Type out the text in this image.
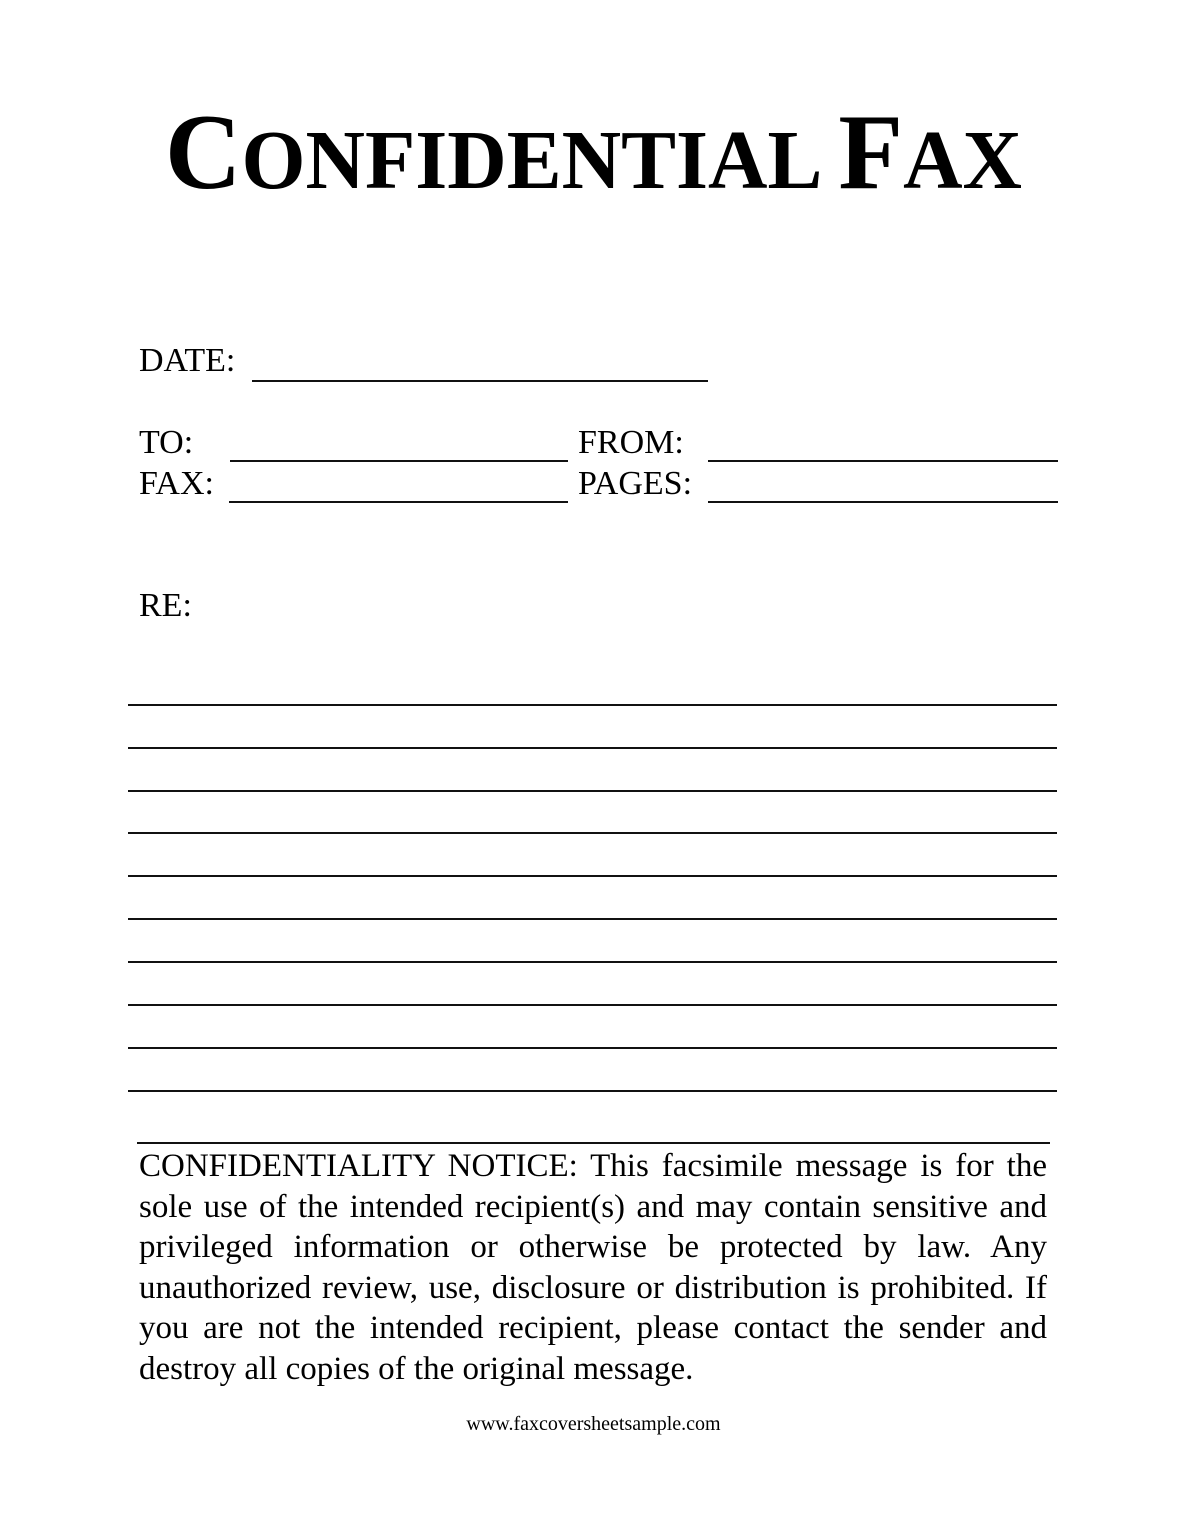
CONFIDENTIAL FAX
DATE:
TO:	FROM:
FAX:	PAGES:
RE:
CONFIDENTIALITY NOTICE: This facsimile message is for the sole use of the intended recipient(s) and may contain sensitive and privileged information or otherwise be protected by law. Any unauthorized review, use, disclosure or distribution is prohibited. If you are not the intended recipient, please contact the sender and destroy all copies of the original message.
www.faxcoversheetsample.com
